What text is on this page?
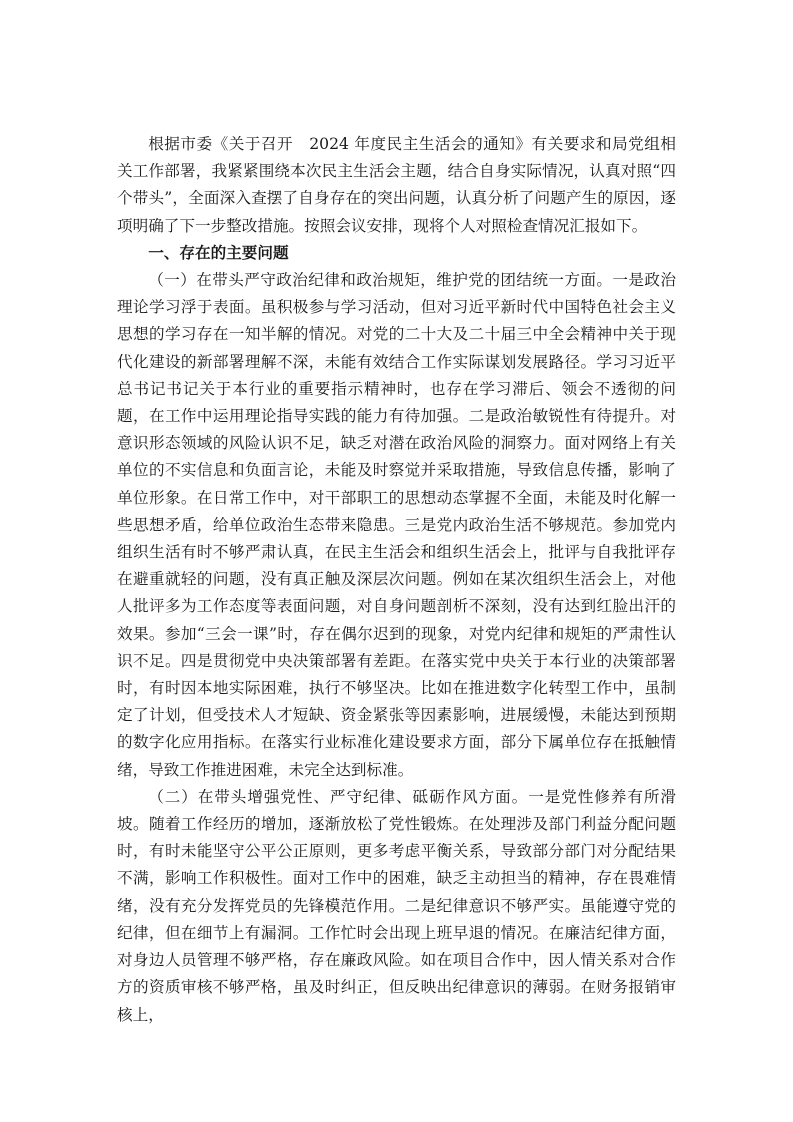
根据市委《关于召开　2024 年度民主生活会的通知》有关要求和局党组相关工作部署，我紧紧围绕本次民主生活会主题，结合自身实际情况，认真对照“四个带头”，全面深入查摆了自身存在的突出问题，认真分析了问题产生的原因，逐项明确了下一步整改措施。按照会议安排，现将个人对照检查情况汇报如下。

一、存在的主要问题

（一）在带头严守政治纪律和政治规矩，维护党的团结统一方面。一是政治理论学习浮于表面。虽积极参与学习活动，但对习近平新时代中国特色社会主义思想的学习存在一知半解的情况。对党的二十大及二十届三中全会精神中关于现代化建设的新部署理解不深，未能有效结合工作实际谋划发展路径。学习习近平总书记书记关于本行业的重要指示精神时，也存在学习滞后、领会不透彻的问题，在工作中运用理论指导实践的能力有待加强。二是政治敏锐性有待提升。对意识形态领域的风险认识不足，缺乏对潜在政治风险的洞察力。面对网络上有关单位的不实信息和负面言论，未能及时察觉并采取措施，导致信息传播，影响了单位形象。在日常工作中，对干部职工的思想动态掌握不全面，未能及时化解一些思想矛盾，给单位政治生态带来隐患。三是党内政治生活不够规范。参加党内组织生活有时不够严肃认真，在民主生活会和组织生活会上，批评与自我批评存在避重就轻的问题，没有真正触及深层次问题。例如在某次组织生活会上，对他人批评多为工作态度等表面问题，对自身问题剖析不深刻，没有达到红脸出汗的效果。参加“三会一课”时，存在偶尔迟到的现象，对党内纪律和规矩的严肃性认识不足。四是贯彻党中央决策部署有差距。在落实党中央关于本行业的决策部署时，有时因本地实际困难，执行不够坚决。比如在推进数字化转型工作中，虽制定了计划，但受技术人才短缺、资金紧张等因素影响，进展缓慢，未能达到预期的数字化应用指标。在落实行业标准化建设要求方面，部分下属单位存在抵触情绪，导致工作推进困难，未完全达到标准。

（二）在带头增强党性、严守纪律、砥砺作风方面。一是党性修养有所滑坡。随着工作经历的增加，逐渐放松了党性锻炼。在处理涉及部门利益分配问题时，有时未能坚守公平公正原则，更多考虑平衡关系，导致部分部门对分配结果不满，影响工作积极性。面对工作中的困难，缺乏主动担当的精神，存在畏难情绪，没有充分发挥党员的先锋模范作用。二是纪律意识不够严实。虽能遵守党的纪律，但在细节上有漏洞。工作忙时会出现上班早退的情况。在廉洁纪律方面，对身边人员管理不够严格，存在廉政风险。如在项目合作中，因人情关系对合作方的资质审核不够严格，虽及时纠正，但反映出纪律意识的薄弱。在财务报销审核上，
